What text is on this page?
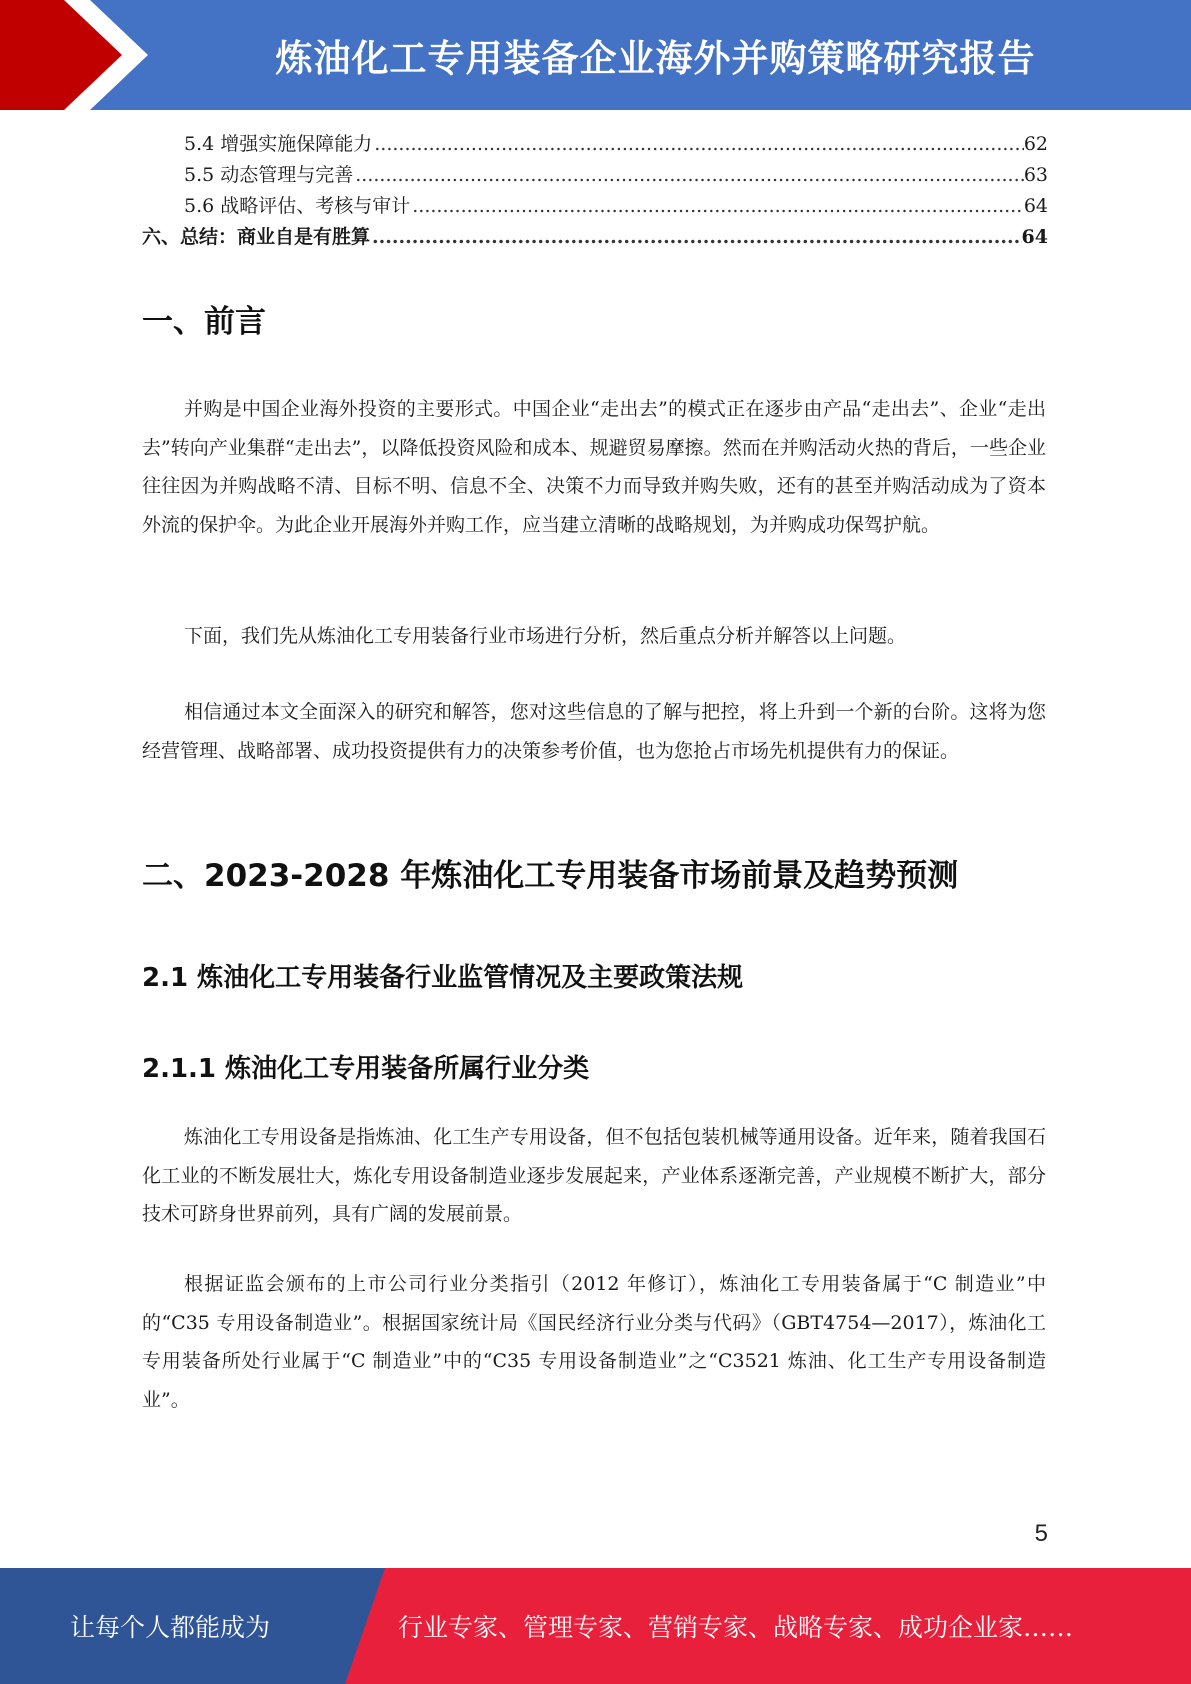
炼油化工专用装备企业海外并购策略研究报告
5.4 增强实施保障能力 .....	62
5.5 动态管理与完善 .....	63
5.6 战略评估、考核与审计 .....	64
六、总结：商业自是有胜算 .....	64
一、前言
并购是中国企业海外投资的主要形式。中国企业“走出去”的模式正在逐步由产品“走出去”、企业“走出去”转向产业集群“走出去”，以降低投资风险和成本、规避贸易摩擦。然而在并购活动火热的背后，一些企业往往因为并购战略不清、目标不明、信息不全、决策不力而导致并购失败，还有的甚至并购活动成为了资本外流的保护伞。为此企业开展海外并购工作，应当建立清晰的战略规划，为并购成功保驾护航。
下面，我们先从炼油化工专用装备行业市场进行分析，然后重点分析并解答以上问题。
相信通过本文全面深入的研究和解答，您对这些信息的了解与把控，将上升到一个新的台阶。这将为您经营管理、战略部署、成功投资提供有力的决策参考价值，也为您抢占市场先机提供有力的保证。
二、2023-2028 年炼油化工专用装备市场前景及趋势预测
2.1 炼油化工专用装备行业监管情况及主要政策法规
2.1.1 炼油化工专用装备所属行业分类
炼油化工专用设备是指炼油、化工生产专用设备，但不包括包装机械等通用设备。近年来，随着我国石化工业的不断发展壮大，炼化专用设备制造业逐步发展起来，产业体系逐渐完善，产业规模不断扩大，部分技术可跻身世界前列，具有广阔的发展前景。
根据证监会颁布的上市公司行业分类指引（2012 年修订），炼油化工专用装备属于“C 制造业”中的“C35 专用设备制造业”。根据国家统计局《国民经济行业分类与代码》（GBT4754—2017），炼油化工专用装备所处行业属于“C 制造业”中的“C35 专用设备制造业”之“C3521 炼油、化工生产专用设备制造业”。
5
让每个人都能成为	行业专家、管理专家、营销专家、战略专家、成功企业家……
